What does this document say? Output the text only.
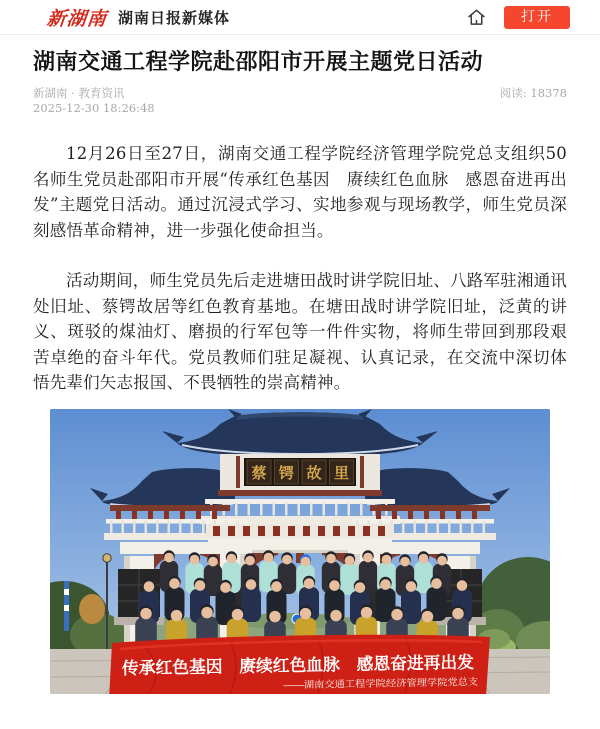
新湖南 湖南日报新媒体	打开
湖南交通工程学院赴邵阳市开展主题党日活动
新湖南 · 教育资讯
2025-12-30 18:26:48
阅读: 18378

12月26日至27日，湖南交通工程学院经济管理学院党总支组织50名师生党员赴邵阳市开展“传承红色基因　赓续红色血脉　感恩奋进再出发”主题党日活动。通过沉浸式学习、实地参观与现场教学，师生党员深刻感悟革命精神，进一步强化使命担当。

活动期间，师生党员先后走进塘田战时讲学院旧址、八路军驻湘通讯处旧址、蔡锷故居等红色教育基地。在塘田战时讲学院旧址，泛黄的讲义、斑驳的煤油灯、磨损的行军包等一件件实物，将师生带回到那段艰苦卓绝的奋斗年代。党员教师们驻足凝视、认真记录，在交流中深切体悟先辈们矢志报国、不畏牺牲的崇高精神。

蔡 锷 故 里
传承红色基因　赓续红色血脉　感恩奋进再出发
——湖南交通工程学院经济管理学院党总支
